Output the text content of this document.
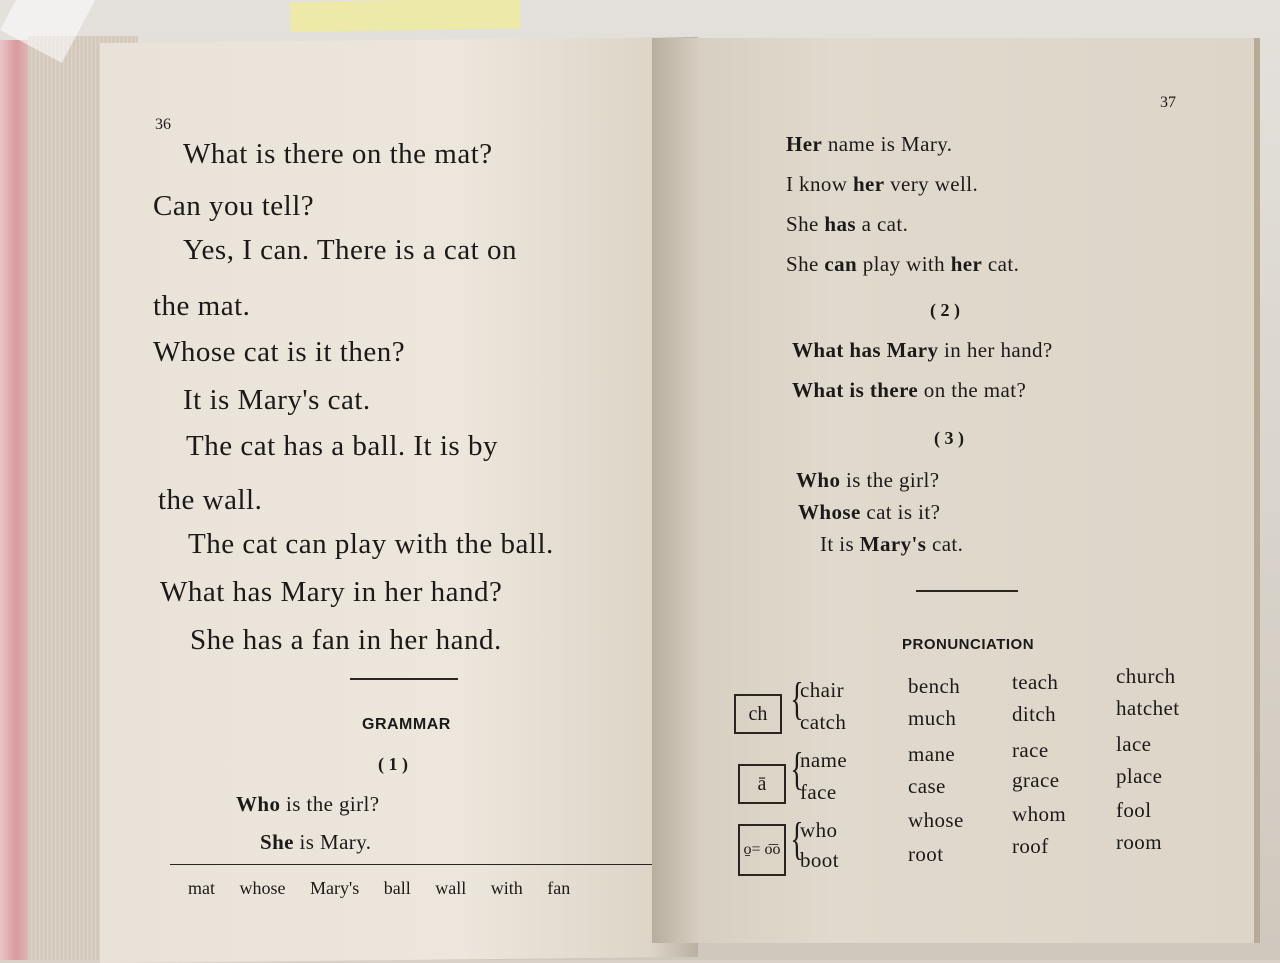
36
What is there on the mat?
Can you tell?
Yes, I can. There is a cat on
the mat.
Whose cat is it then?
It is Mary's cat.
The cat has a ball. It is by
the wall.
The cat can play with the ball.
What has Mary in her hand?
She has a fan in her hand.
GRAMMAR
( 1 )
Who is the girl?
She is Mary.
mat whose Mary's ball wall with fan
37
Her name is Mary.
I know her very well.
She has a cat.
She can play with her cat.
( 2 )
What has Mary in her hand?
What is there on the mat?
( 3 )
Who is the girl?
Whose cat is it?
It is Mary's cat.
PRONUNCIATION
ch {
chair
catch
bench
much
teach
ditch
church
hatchet
ā {
name
face
mane
case
race
grace
lace
place
o̱= o͞o {
who
boot
whose
root
whom
roof
fool
room
